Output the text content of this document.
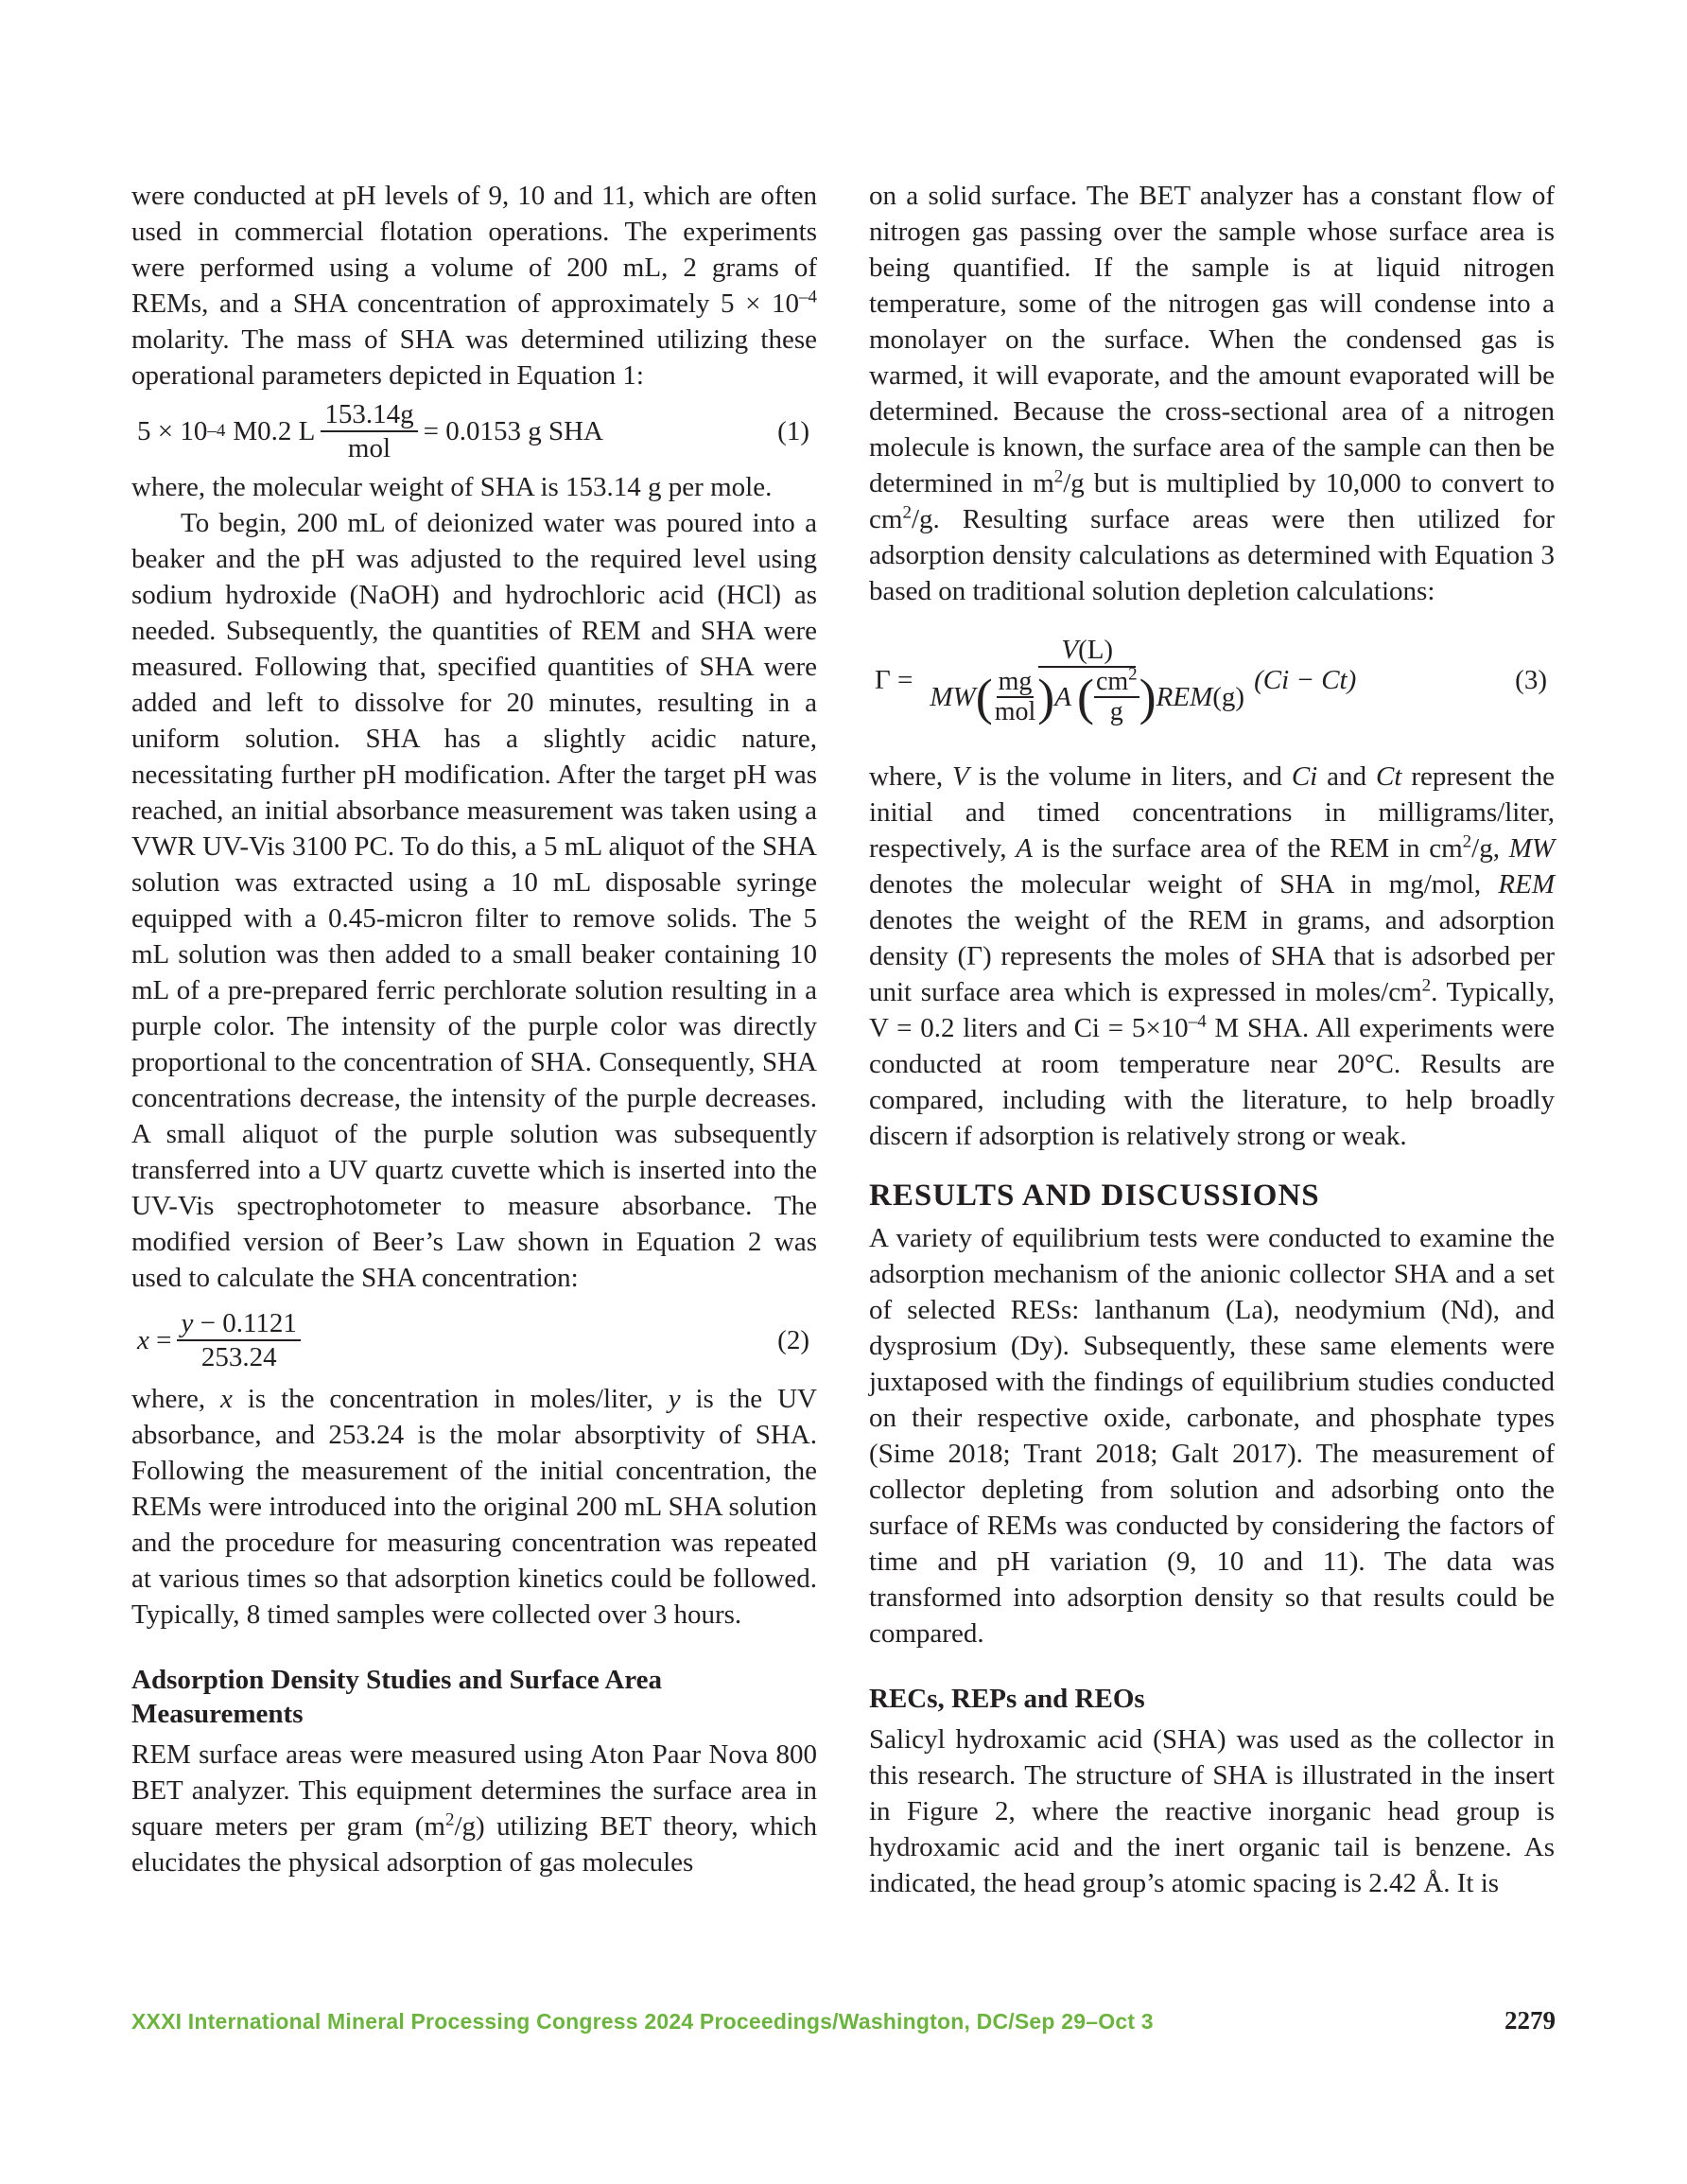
were conducted at pH levels of 9, 10 and 11, which are often used in commercial flotation operations. The experiments were performed using a volume of 200 mL, 2 grams of REMs, and a SHA concentration of approximately $5 \times 10^{-4}$ molarity. The mass of SHA was determined utilizing these operational parameters depicted in Equation 1:

5 × 10 –4 M0.2 L $\frac{153.14g}{\text{mol}} = 0.0153$ g SHA	(1)

where, the molecular weight of SHA is 153.14 g per mole.

To begin, 200 mL of deionized water was poured into a beaker and the pH was adjusted to the required level using sodium hydroxide (NaOH) and hydrochloric acid (HCl) as needed. Subsequently, the quantities of REM and SHA were measured. Following that, specified quantities of SHA were added and left to dissolve for 20 minutes, resulting in a uniform solution. SHA has a slightly acidic nature, necessitating further pH modification. After the target pH was reached, an initial absorbance measurement was taken using a VWR UV-Vis 3100 PC. To do this, a 5 mL aliquot of the SHA solution was extracted using a 10 mL disposable syringe equipped with a 0.45-micron filter to remove solids. The 5 mL solution was then added to a small beaker containing 10 mL of a pre-prepared ferric perchlorate solution resulting in a purple color. The intensity of the purple color was directly proportional to the concentration of SHA. Consequently, SHA concentrations decrease, the intensity of the purple decreases. A small aliquot of the purple solution was subsequently transferred into a UV quartz cuvette which is inserted into the UV-Vis spectrophotometer to measure absorbance. The modified version of Beer’s Law shown in Equation 2 was used to calculate the SHA concentration:

$x = \frac{y - 0.1121}{253.24}$	(2)

where, x is the concentration in moles/liter, y is the UV absorbance, and 253.24 is the molar absorptivity of SHA. Following the measurement of the initial concentration, the REMs were introduced into the original 200 mL SHA solution and the procedure for measuring concentration was repeated at various times so that adsorption kinetics could be followed. Typically, 8 timed samples were collected over 3 hours.

Adsorption Density Studies and Surface Area Measurements

REM surface areas were measured using Aton Paar Nova 800 BET analyzer. This equipment determines the surface area in square meters per gram $(m^2/g)$ utilizing BET theory, which elucidates the physical adsorption of gas molecules

on a solid surface. The BET analyzer has a constant flow of nitrogen gas passing over the sample whose surface area is being quantified. If the sample is at liquid nitrogen temperature, some of the nitrogen gas will condense into a monolayer on the surface. When the condensed gas is warmed, it will evaporate, and the amount evaporated will be determined. Because the cross-sectional area of a nitrogen molecule is known, the surface area of the sample can then be determined in $m^2/g$ but is multiplied by 10,000 to convert to $cm^2/g$. Resulting surface areas were then utilized for adsorption density calculations as determined with Equation 3 based on traditional solution depletion calculations:

Γ =
V(L)
MW ( $\frac{mg}{\text{mol}}$ ) A ( $\frac{cm^2}{g}$ ) REM (g)
(Ci − Ct)	(3)

where, V is the volume in liters, and Ci and Ct represent the initial and timed concentrations in milligrams/liter, respectively, A is the surface area of the REM in $cm^2/g$, MW denotes the molecular weight of SHA in mg/mol, REM denotes the weight of the REM in grams, and adsorption density (Γ) represents the moles of SHA that is adsorbed per unit surface area which is expressed in moles/$cm^2$. Typically, V = 0.2 liters and $Ci = 5\times 10^{-4}$ M SHA. All experiments were conducted at room temperature near 20°C. Results are compared, including with the literature, to help broadly discern if adsorption is relatively strong or weak.

RESULTS AND DISCUSSIONS

A variety of equilibrium tests were conducted to examine the adsorption mechanism of the anionic collector SHA and a set of selected RESs: lanthanum (La), neodymium (Nd), and dysprosium (Dy). Subsequently, these same elements were juxtaposed with the findings of equilibrium studies conducted on their respective oxide, carbonate, and phosphate types (Sime 2018; Trant 2018; Galt 2017). The measurement of collector depleting from solution and adsorbing onto the surface of REMs was conducted by considering the factors of time and pH variation (9, 10 and 11). The data was transformed into adsorption density so that results could be compared.

RECs, REPs and REOs

Salicyl hydroxamic acid (SHA) was used as the collector in this research. The structure of SHA is illustrated in the insert in Figure 2, where the reactive inorganic head group is hydroxamic acid and the inert organic tail is benzene. As indicated, the head group’s atomic spacing is 2.42 Å. It is

XXXI International Mineral Processing Congress 2024 Proceedings/Washington, DC/Sep 29–Oct 3	2279
